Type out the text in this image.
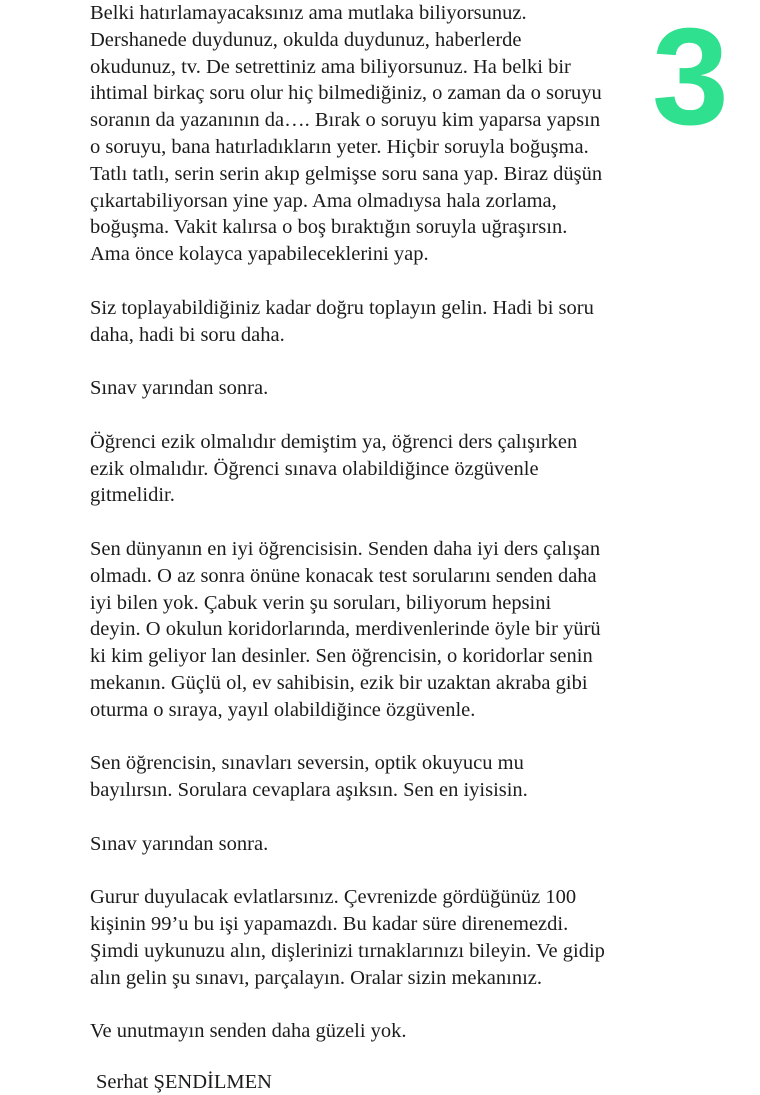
Belki hatırlamayacaksınız ama mutlaka biliyorsunuz.
Dershanede duydunuz, okulda duydunuz, haberlerde
okudunuz, tv. De setrettiniz ama biliyorsunuz. Ha belki bir
ihtimal birkaç soru olur hiç bilmediğiniz, o zaman da o soruyu
soranın da yazanının da…. Bırak o soruyu kim yaparsa yapsın
o soruyu, bana hatırladıkların yeter. Hiçbir soruyla boğuşma.
Tatlı tatlı, serin serin akıp gelmişse soru sana yap. Biraz düşün
çıkartabiliyorsan yine yap. Ama olmadıysa hala zorlama,
boğuşma. Vakit kalırsa o boş bıraktığın soruyla uğraşırsın.
Ama önce kolayca yapabileceklerini yap.

Siz toplayabildiğiniz kadar doğru toplayın gelin. Hadi bi soru
daha, hadi bi soru daha.

Sınav yarından sonra.

Öğrenci ezik olmalıdır demiştim ya, öğrenci ders çalışırken
ezik olmalıdır. Öğrenci sınava olabildiğince özgüvenle
gitmelidir.

Sen dünyanın en iyi öğrencisisin. Senden daha iyi ders çalışan
olmadı. O az sonra önüne konacak test sorularını senden daha
iyi bilen yok. Çabuk verin şu soruları, biliyorum hepsini
deyin. O okulun koridorlarında, merdivenlerinde öyle bir yürü
ki kim geliyor lan desinler. Sen öğrencisin, o koridorlar senin
mekanın. Güçlü ol, ev sahibisin, ezik bir uzaktan akraba gibi
oturma o sıraya, yayıl olabildiğince özgüvenle.

Sen öğrencisin, sınavları seversin, optik okuyucu mu
bayılırsın. Sorulara cevaplara aşıksın. Sen en iyisisin.

Sınav yarından sonra.

Gurur duyulacak evlatlarsınız. Çevrenizde gördüğünüz 100
kişinin 99’u bu işi yapamazdı. Bu kadar süre direnemezdi.
Şimdi uykunuzu alın, dişlerinizi tırnaklarınızı bileyin. Ve gidip
alın gelin şu sınavı, parçalayın. Oralar sizin mekanınız.

Ve unutmayın senden daha güzeli yok.

Serhat ŞENDİLMEN
3
